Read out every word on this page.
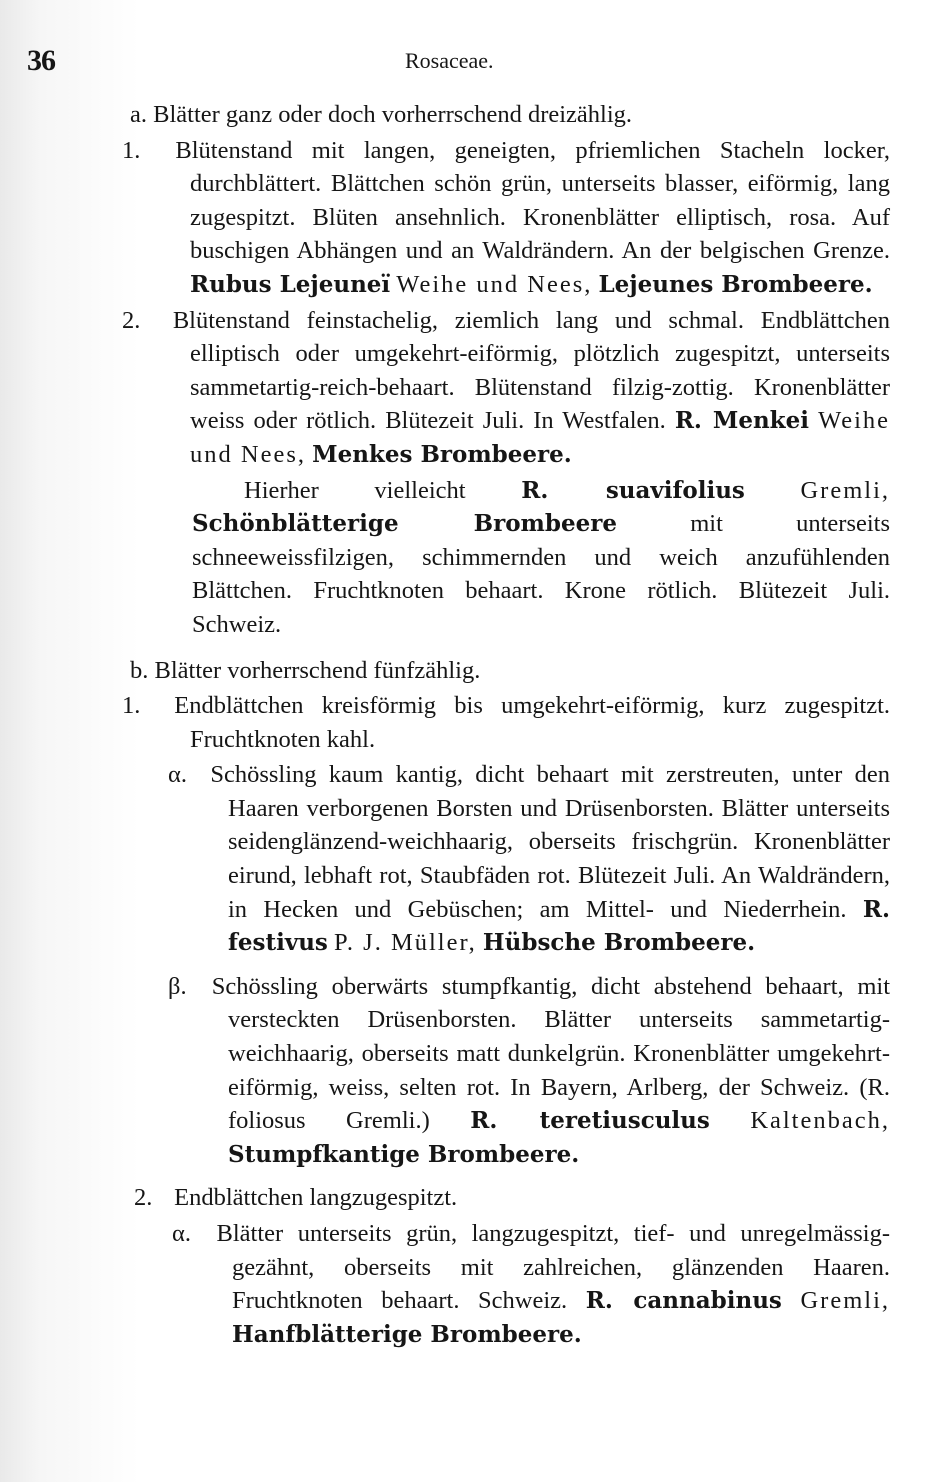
36	Rosaceae.

a. Blätter ganz oder doch vorherrschend dreizählig.

1. Blütenstand mit langen, geneigten, pfriemlichen Stacheln locker, durchblättert. Blättchen schön grün, unterseits blasser, eiförmig, lang zugespitzt. Blüten ansehnlich. Kronenblätter elliptisch, rosa. Auf buschigen Abhängen und an Waldrändern. An der belgischen Grenze. Rubus Lejeuneï Weihe und Nees, Lejeunes Brombeere.

2. Blütenstand feinstachelig, ziemlich lang und schmal. Endblättchen elliptisch oder umgekehrt-eiförmig, plötzlich zugespitzt, unterseits sammetartig-reich-behaart. Blütenstand filzig-zottig. Kronenblätter weiss oder rötlich. Blütezeit Juli. In Westfalen. R. Menkei Weihe und Nees, Menkes Brombeere.

Hierher vielleicht R. suavifolius Gremli, Schönblätterige Brombeere	mit unterseits schneeweissfilzigen, schimmernden und weich anzufühlenden Blättchen. Fruchtknoten behaart. Krone rötlich. Blütezeit Juli. Schweiz.

b. Blätter vorherrschend fünfzählig.

1. Endblättchen kreisförmig bis umgekehrt-eiförmig, kurz zugespitzt. Fruchtknoten kahl.

α. Schössling kaum kantig, dicht behaart mit zerstreuten, unter den Haaren verborgenen Borsten und Drüsenborsten. Blätter unterseits seidenglänzend-weichhaarig, oberseits frischgrün. Kronenblätter eirund, lebhaft rot, Staubfäden rot. Blütezeit Juli. An Waldrändern, in Hecken und Gebüschen; am Mittel- und Niederrhein. R. festivus P. J. Müller, Hübsche Brombeere.

β. Schössling oberwärts stumpfkantig, dicht abstehend behaart, mit versteckten Drüsenborsten. Blätter unterseits sammetartig-weichhaarig, oberseits matt dunkelgrün. Kronenblätter umgekehrt-eiförmig, weiss, selten rot. In Bayern, Arlberg, der Schweiz. (R. foliosus Gremli.) R. teretiusculus Kaltenbach, Stumpfkantige Brombeere.

2. Endblättchen langzugespitzt.

α. Blätter unterseits grün, langzugespitzt, tief- und unregelmässig-gezähnt, oberseits mit zahlreichen, glänzenden Haaren. Fruchtknoten behaart. Schweiz. R. cannabinus Gremli, Hanfblätterige Brombeere.
